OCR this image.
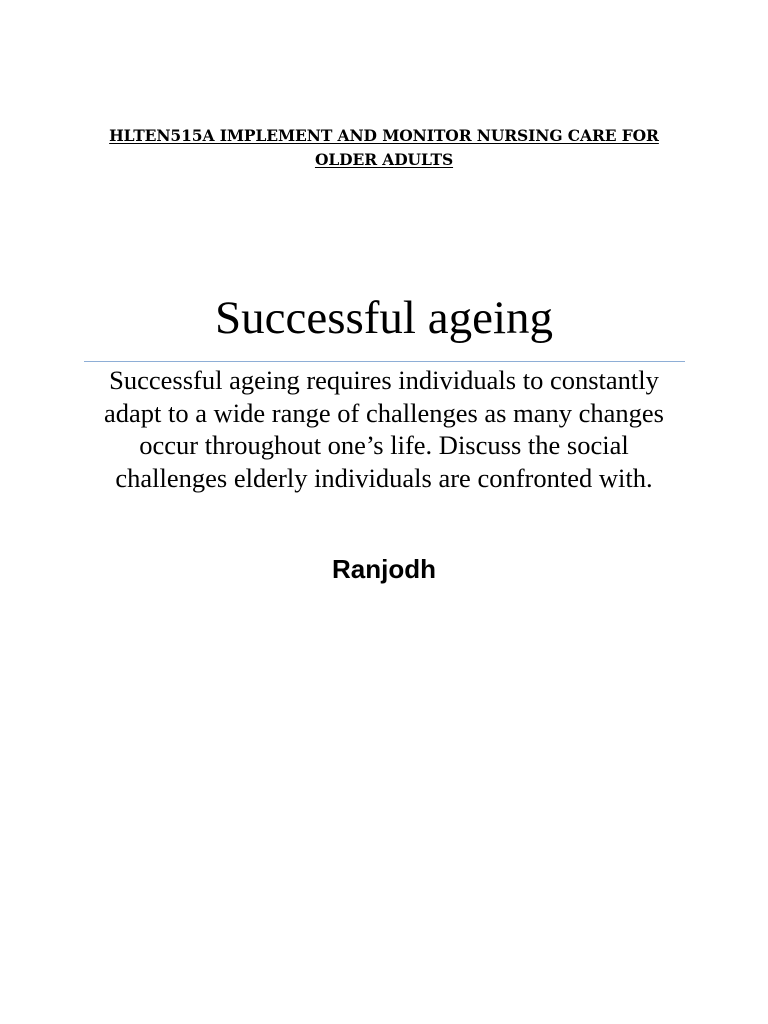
HLTEN515A IMPLEMENT AND MONITOR NURSING CARE FOR OLDER ADULTS
Successful ageing

Successful ageing requires individuals to constantly adapt to a wide range of challenges as many changes occur throughout one’s life. Discuss the social challenges elderly individuals are confronted with.

Ranjodh
